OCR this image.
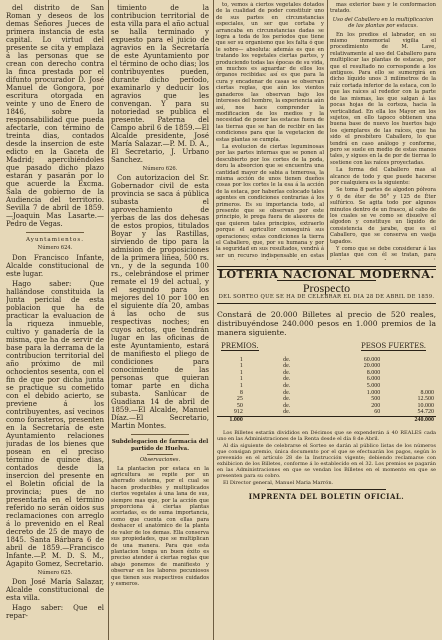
del distrito de San Roman y deseos de los demas Señores Jueces de primera instancia de esta capital. Lo virtud del presente se cita y emplaza á las personas que se crean con derecho contra la finca prestada por el difunto procurador D. José Manuel de Gongora, por escritura otorgada en veinte y uno de Enero de 1846, sobre la responsabilidad que pueda afectarle, con término de treinta dias, contados desde la insercion de este edicto en la Gaceta de Madrid; apercibiéndoles que pasado dicho plazo estarán y pasarán por lo que acuerde la Excma. Sala de gobierno de la Audiencia del territorio. Sevilla 7 de abril de 1859.—Joaquin Mas Lasarte.—Pedro de Vegas.

Ayuntamientos.

Número 624.

Don Francisco Infante, Alcalde constitucional de este lugar.

Hago saber: Que hallándose constituida la Junta pericial de esta poblacion que ha de practicar la evaluacion de la riqueza inmueble, cultivo y ganadería de la misma, que ha de servir de base para la derrama de la contribucion territorial del año próximo de mil ochocientos sesenta, con el fin de que por dicha junta se practique su cometido con el debido acierto, se previene á los contribuyentes, así vecinos como forasteros, presenten en la Secretaría de este Ayuntamiento relaciones juradas de los bienes que posean en el preciso término de quince dias, contados desde la insercion del presente en el Boletin oficial de la provincia; pues de no presentarla en el término referido no serán oidos sus reclamaciones con arreglo á lo prevenido en el Real decreto de 25 de mayo de 1845. Santa Bárbara 6 de abril de 1859.—Francisco Infante.—P. M. D. S. M., Agapito Gomez, Secretario.

Número 625.

Don José María Salazar, Alcalde constitucional de esta villa.

Hago saber: Que el repar-

timiento de la contribucion territorial de esta villa para el año actual se halla terminado y expuesto para el juicio de agravios en la Secretaría de este Ayuntamiento por el término de ocho dias; los contribuyentes pueden, durante dicho período, examinarlo y deducir los agravios que les convengan. Y para su notoriedad se publica el presente. Paterna del Campo abril 6 de 1859.—El Alcalde presidente, José María Salazar.—P. M. D. A., El Secretario, J. Urbano Sanchez.

Número 626.

Con autorizacion del Sr. Gobernador civil de esta provincia se saca á pública subasta el aprovechamiento de yerbas de las dos dehesas de estos propios, titulados Boyar y las Rastillas, sirviendo de tipo para la admision de proposiciones de la primera liñea, 500 rs. vn., y de la segunda 100 rs., celebrándose el primer remate el 19 del actual, y el segundo para los mejores del 10 por 100 en el siguiente día 20, ambas á las ocho de sus respectivas noches; en cuyos actos, que tendrán lugar en las oficinas de este Ayuntamiento, estará de manifiesto el pliego de condiciones para conocimiento de las personas que quieran tomar parte en dicha subasta. Sanlúcar de Guadiana 14 de abril de 1859.—El Alcalde, Manuel Díaz.—El Secretario, Martin Montes.

Subdelegacion de farmacia del partido de Huelva.

Observaciones.

La plantacion por estaca en la agricultura se repite por un aherrado sistema, por el cual se hacen producibles y multiplicados ciertos vegetales á una lana de sus, siempre mas que, por la acción que proporciona á ciertas plantas acertadas, es de suma importancia, como que cuenta con ellas para deshacer el anatómico de la planta de valer de los demas. Ella conserva sus propiedades, que se multiplican de una manera. Para que esta plantacion tenga un buen éxito es preciso atender á ciertas reglas que abajo ponemos de manifiesto y observar en los labores pecuniosos que tienen sus respectivos cuidados y esmeros.

to, vemos á ciertos vegetales dotados de la cualidad de poder constituir uno de sus partes en circunstancias especiales, un ser que cortaba y arrancaba en circunstancias dadas se logra a toda de los períodos que tiene que ser su organismo que les falta ó que le sobre— absoluta: además es que en tratando los vegetales ciertas partes, y produciendo todas las épocas de su vida, en muchos es aguardar de ellos los órganos recibidas: así es que para la cura y encadenar de casas se observan ciertas reglas, que aún los vientos ganaderos las observan bajo los intereses del hombre, la experiencia aún así, nos hace comprender la modificacion de los medios y la necesidad de poner las estacas fuera de las tierras que se han de recibir en las condiciones para que la vegetacion de estas plantas se cumpla.

La evolucion de ciertas leguminosas por las partes internas que se ponen al descubierto por los cortes de la poda, doru la absorcion que se encuentra una cantidad mayor de sabia a temerosa, la misma acción de unos tienen dueños cosas por los cortes le la esa á la acción de la estaca, por haberlas colocado tales agentes en condiciones contrarias á los primeros. Es su importancia todo, al presente que se observan por este principio, le prega fuera de alasores de que quieren tales principios, extraerlo porque el agricultor conseguirá sus operaciones; estas condiciones la tierra el Caballero, que, por su humana y por la seguridad en sus resultados, vendrá á ser un recurso indispensable en estas

mas exterior base y le conformacion tratado.

Uso del Caballero en la multiplicacion de las plantas por estacas.

En los predios el labrador, en su mismo inmemorial vigilia el procedimiento de M. Lave, relativamente al uso del Caballero para multiplicar las plantas de estacas, por que el resultado no corresponde a los antiguos. Para ello se sumergirá en dicho líquido unos 3 milímetros de la raíz cortada inferior de la estaca, con lo que las raíces al rededor con la parte de las mismas, las que salgan á las pocas hojas de la corteza, hacia la verticalidad. En ella los Mayor en los sujetos, en ello tapoco obtienen una buena base de nuevo los huertos bajo los ejemplares de las raíces, que ha sido el presbítero Caballero, lo que tendrá en caso análogo y conforme, pero se suele en medio de estas manos tales, y sigues en la de por de tierras lo sostiene con las raíces proyectadas.

La forma del Caballero mas al alcance de todo y que puede hacerse por cualquiera es la siguiente:

Se toma 8 partes de algodon pólvora y 6 de éter de 56° y 125 de Éter sulfúrico. Se agita todo por algunos minutos dentro de un frasco, al cabo de los cuales se ve como se disuelve el algodon y constituye un líquido de consistencia de jarabe, que es el Caballero, que se conserva en vasija tapados.

Y como que se debe considerar á las plantas que con él se tratan, para

LOTERIA NACIONAL MODERNA.
Prospecto
DEL SORTEO QUE SE HA DE CELEBRAR EL DIA 28 DE ABRIL DE 1859.
Constará de 20.000 Billetes al precio de 520 reales, distribuyéndose 240.000 pesos en 1.000 premios de la manera siguiente.
PREMIOS.	PESOS FUERTES.
1	de.	60.000	
1	de.	20.000	
1	de.	8.000	
1	de.	6.000	
1	de.	5.000	
8	de.	1.000	8.000
25	de.	500	12.500
50	de.	200	10.000
912	de.	60	54.720
1.000			240.000

Los Billetes estarán divididos en Décimos que se expenderán á 40 REALES cada uno en las Administraciones de la Renta desde el día 8 de Abril.

Al día siguiente de celebrarse el Sorteo se darán al público listas de los números que consigan premio, única documento por el que se efectuarán los pagos, según lo prevenido en el artículo 28 de la Instrucción vigente; debiendo reclamarse con exhibicion de los Billetes, conforme á lo establecido en el 32. Los premios se pagarán en las Administraciones en que se vendan los Billetes en el momento en que se presenten para su cobro.

El Director general, Manuel Maria Marrón.

IMPRENTA DEL BOLETIN OFICIAL.
